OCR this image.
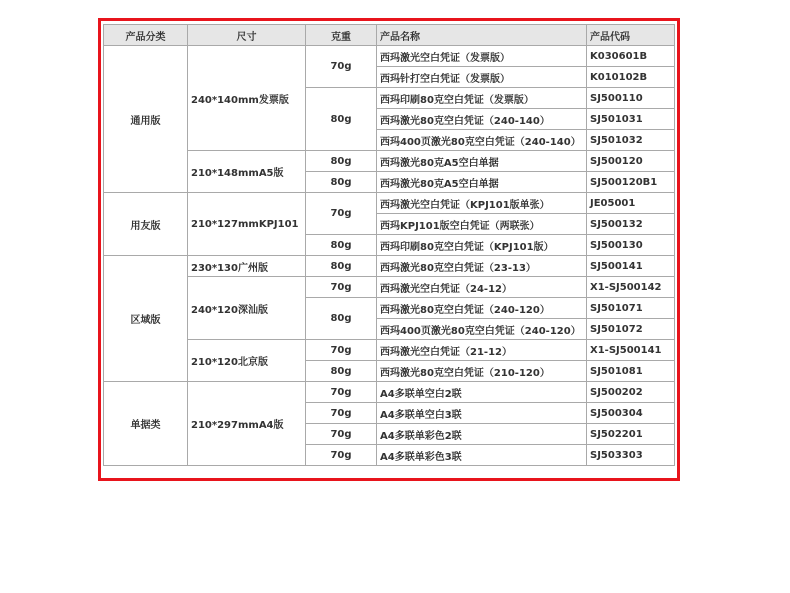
产品分类	尺寸	克重	产品名称	产品代码
通用版	240*140mm发票版	70g	西玛激光空白凭证（发票版）	K030601B
			西玛针打空白凭证（发票版）	K010102B
		80g	西玛印刷80克空白凭证（发票版）	SJ500110
			西玛激光80克空白凭证（240-140）	SJ501031
			西玛400页激光80克空白凭证（240-140）	SJ501032
	210*148mmA5版	80g	西玛激光80克A5空白单据	SJ500120
		80g	西玛激光80克A5空白单据	SJ500120B1
用友版	210*127mmKPJ101	70g	西玛激光空白凭证（KPJ101版单张）	JE05001
			西玛KPJ101版空白凭证（两联张）	SJ500132
		80g	西玛印刷80克空白凭证（KPJ101版）	SJ500130
区域版	230*130广州版	80g	西玛激光80克空白凭证（23-13）	SJ500141
	240*120深汕版	70g	西玛激光空白凭证（24-12）	X1-SJ500142
		80g	西玛激光80克空白凭证（240-120）	SJ501071
			西玛400页激光80克空白凭证（240-120）	SJ501072
	210*120北京版	70g	西玛激光空白凭证（21-12）	X1-SJ500141
		80g	西玛激光80克空白凭证（210-120）	SJ501081
单据类	210*297mmA4版	70g	A4多联单空白2联	SJ500202
		70g	A4多联单空白3联	SJ500304
		70g	A4多联单彩色2联	SJ502201
		70g	A4多联单彩色3联	SJ503303
